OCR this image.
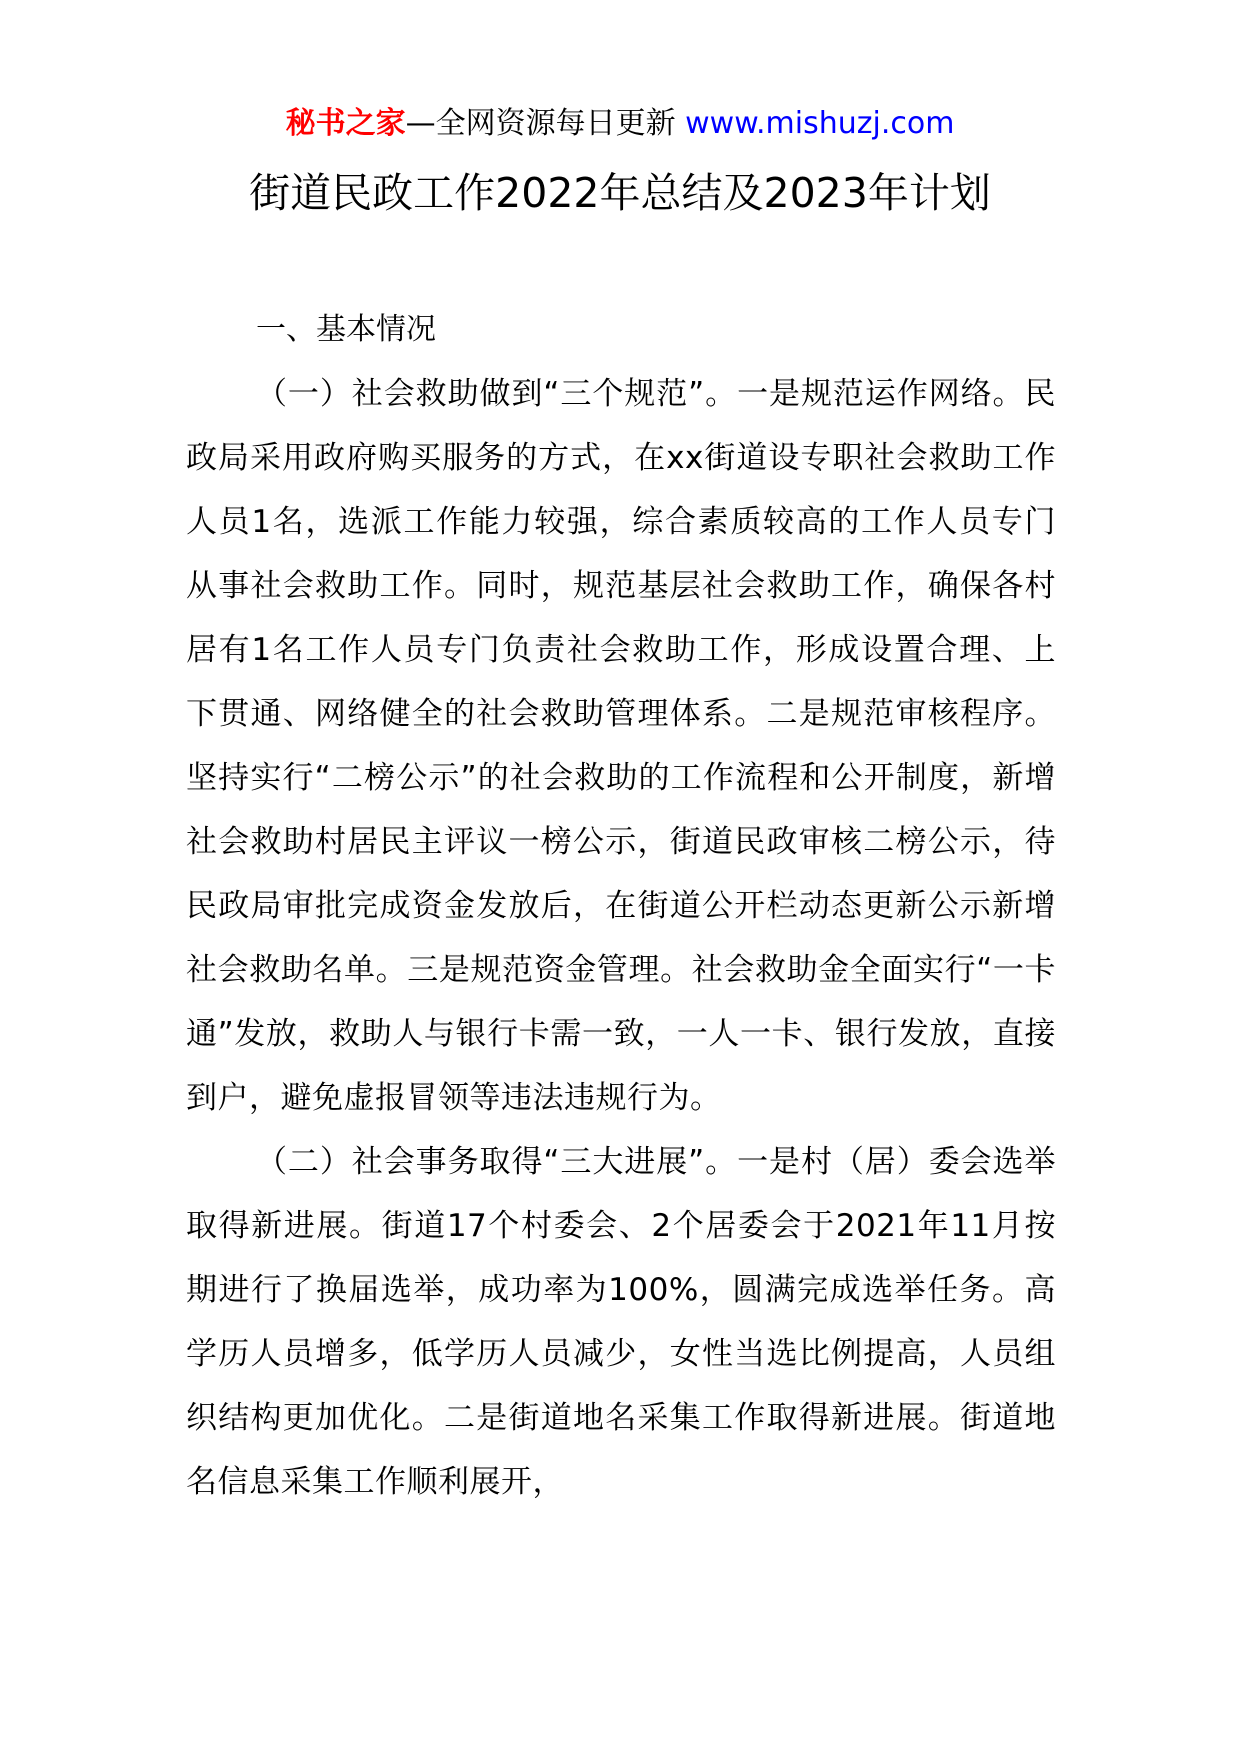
秘书之家—全网资源每日更新 www.mishuzj.com
街道民政工作2022年总结及2023年计划

一、基本情况

（一）社会救助做到“三个规范”。一是规范运作网络。民政局采用政府购买服务的方式，在xx街道设专职社会救助工作人员1名，选派工作能力较强，综合素质较高的工作人员专门从事社会救助工作。同时，规范基层社会救助工作，确保各村居有1名工作人员专门负责社会救助工作，形成设置合理、上下贯通、网络健全的社会救助管理体系。二是规范审核程序。坚持实行“二榜公示”的社会救助的工作流程和公开制度，新增社会救助村居民主评议一榜公示，街道民政审核二榜公示，待民政局审批完成资金发放后，在街道公开栏动态更新公示新增社会救助名单。三是规范资金管理。社会救助金全面实行“一卡通”发放，救助人与银行卡需一致，一人一卡、银行发放，直接到户，避免虚报冒领等违法违规行为。

（二）社会事务取得“三大进展”。一是村（居）委会选举取得新进展。街道17个村委会、2个居委会于2021年11月按期进行了换届选举，成功率为100%，圆满完成选举任务。高学历人员增多，低学历人员减少，女性当选比例提高，人员组织结构更加优化。二是街道地名采集工作取得新进展。街道地名信息采集工作顺利展开，
